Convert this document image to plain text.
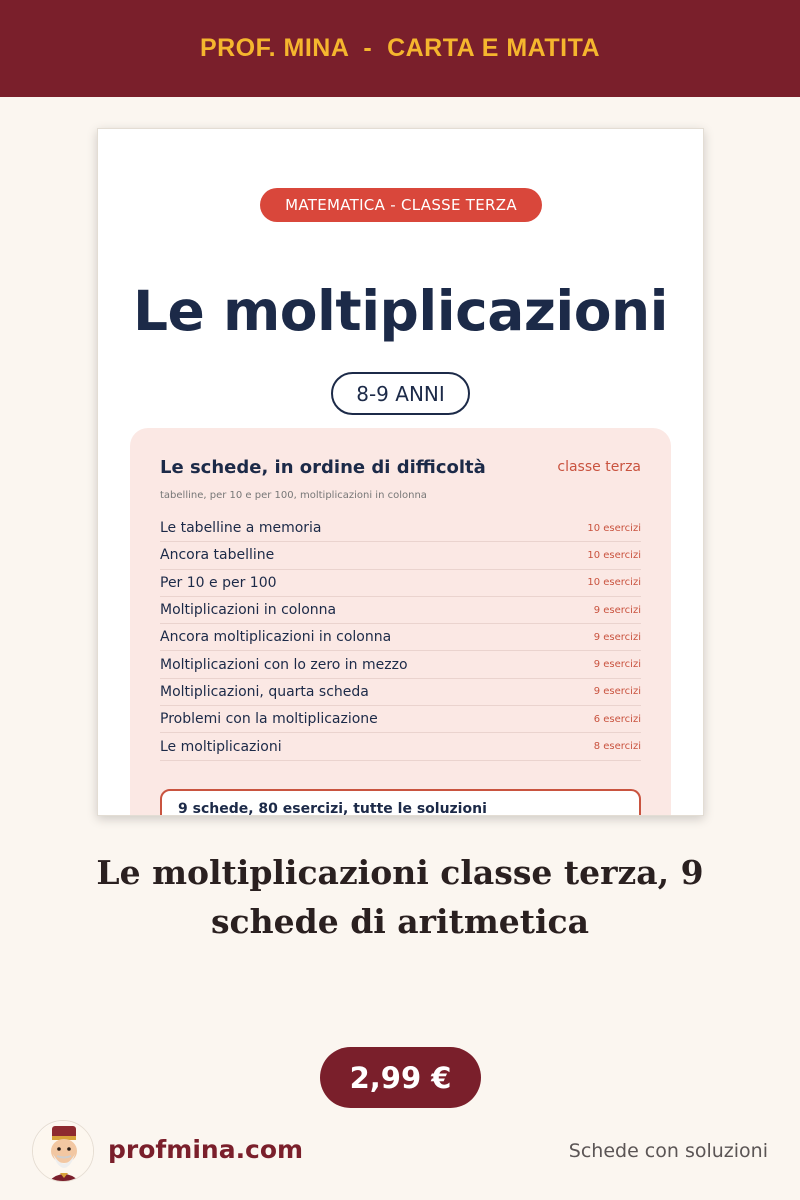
PROF. MINA  -  CARTA E MATITA
MATEMATICA - CLASSE TERZA
Le moltiplicazioni
8-9 ANNI
Le schede, in ordine di difficoltà	classe terza
tabelline, per 10 e per 100, moltiplicazioni in colonna
Le tabelline a memoria	10 esercizi
Ancora tabelline	10 esercizi
Per 10 e per 100	10 esercizi
Moltiplicazioni in colonna	9 esercizi
Ancora moltiplicazioni in colonna	9 esercizi
Moltiplicazioni con lo zero in mezzo	9 esercizi
Moltiplicazioni, quarta scheda	9 esercizi
Problemi con la moltiplicazione	6 esercizi
Le moltiplicazioni	8 esercizi
9 schede, 80 esercizi, tutte le soluzioni
Le moltiplicazioni classe terza, 9 schede di aritmetica
2,99 €
profmina.com	Schede con soluzioni
